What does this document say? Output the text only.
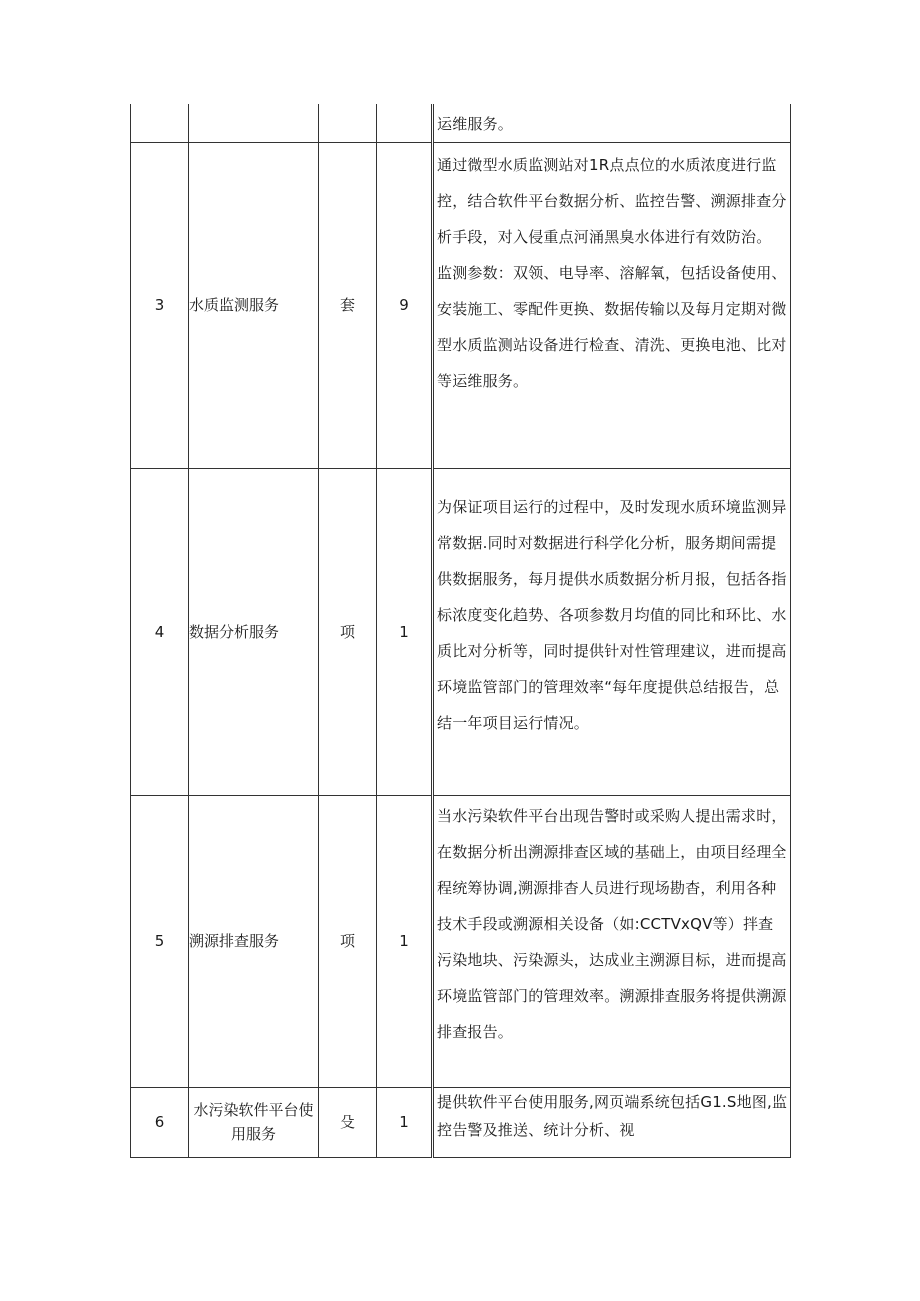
				运维服务。

3	水质监测服务	套	9	通过微型水质监测站对1R点点位的水质浓度进行监控，结合软件平台数据分析、监控告警、溯源排查分析手段，对入侵重点河涌黑臭水体进行有效防治。
监测参数：双领、电导率、溶解氧，包括设备使用、安装施工、零配件更换、数据传输以及每月定期对微型水质监测站设备进行检查、清洗、更换电池、比对等运维服务。

4	数据分析服务	项	1	为保证项目运行的过程中，及时发现水质环境监测异常数据.同时对数据进行科学化分析，服务期间需提供数据服务，每月提供水质数据分析月报，包括各指标浓度变化趋势、各项参数月均值的同比和环比、水质比对分析等，同时提供针对性管理建议，进而提高环境监管部门的管理效率“每年度提供总结报告，总结一年项目运行情况。

5	溯源排查服务	项	1	当水污染软件平台出现告警时或采购人提出需求时，在数据分析出溯源排查区域的基础上，由项目经理全程统筹协调,溯源排杳人员进行现场勘杳，利用各种技术手段或溯源相关设备（如:CCTVxQV等）拌查污染地块、污染源头，达成业主溯源目标，进而提高环境监管部门的管理效率。溯源排查服务将提供溯源排查报告。

6	水污染软件平台使用服务	殳	1	提供软件平台使用服务,网页端系统包括G1.S地图,监控告警及推送、统计分析、视
